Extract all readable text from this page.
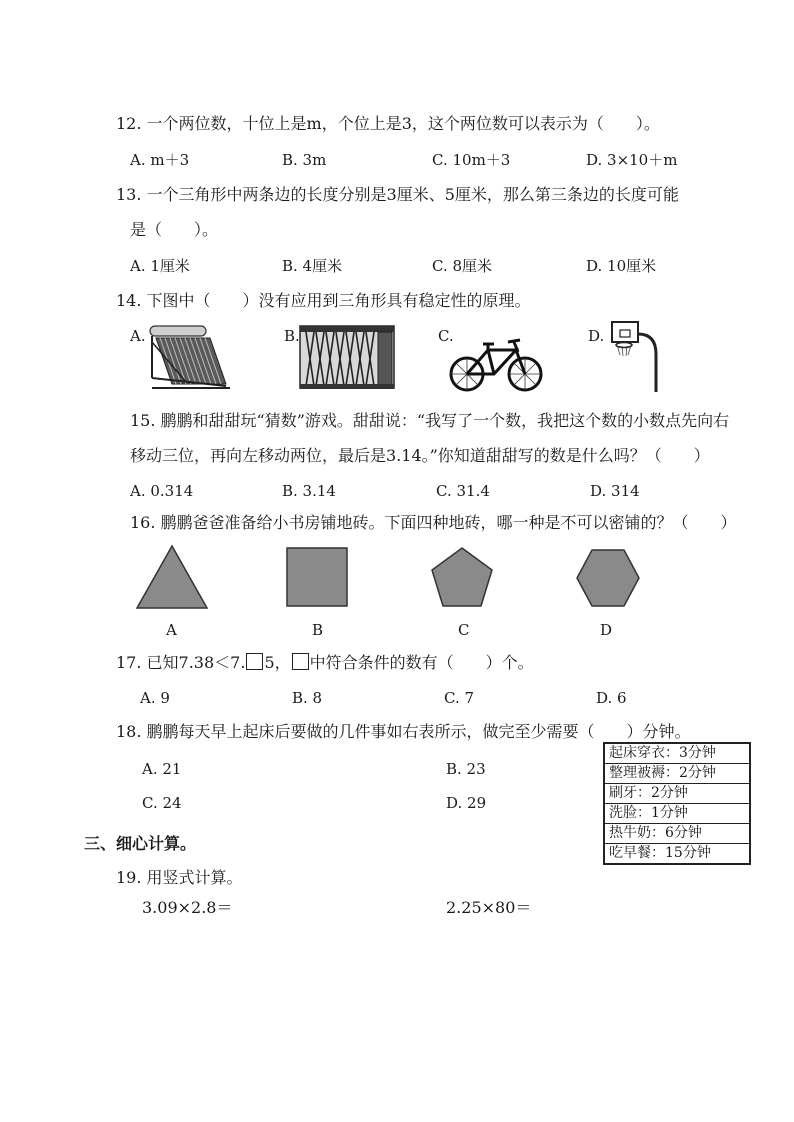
12. 一个两位数，十位上是m，个位上是3，这个两位数可以表示为（　　）。
A. m＋3	B. 3m	C. 10m＋3	D. 3×10＋m
13. 一个三角形中两条边的长度分别是3厘米、5厘米，那么第三条边的长度可能
是（　　）。
A. 1厘米	B. 4厘米	C. 8厘米	D. 10厘米
14. 下图中（　　）没有应用到三角形具有稳定性的原理。
A.	B.	C.	D.
15. 鹏鹏和甜甜玩“猜数”游戏。甜甜说：“我写了一个数，我把这个数的小数点先向右
移动三位，再向左移动两位，最后是3.14。”你知道甜甜写的数是什么吗？（　　）
A. 0.314	B. 3.14	C. 31.4	D. 314
16. 鹏鹏爸爸准备给小书房铺地砖。下面四种地砖，哪一种是不可以密铺的？（　　）
A	B	C	D
17. 已知7.38＜7. 5， 中符合条件的数有（　　）个。
A. 9	B. 8	C. 7	D. 6
18. 鹏鹏每天早上起床后要做的几件事如右表所示，做完至少需要（　　）分钟。
A. 21	B. 23
C. 24	D. 29
起床穿衣：3分钟
整理被褥：2分钟
刷牙：2分钟
洗脸：1分钟
热牛奶：6分钟
吃早餐：15分钟
三、细心计算。
19. 用竖式计算。
3.09×2.8＝	2.25×80＝
